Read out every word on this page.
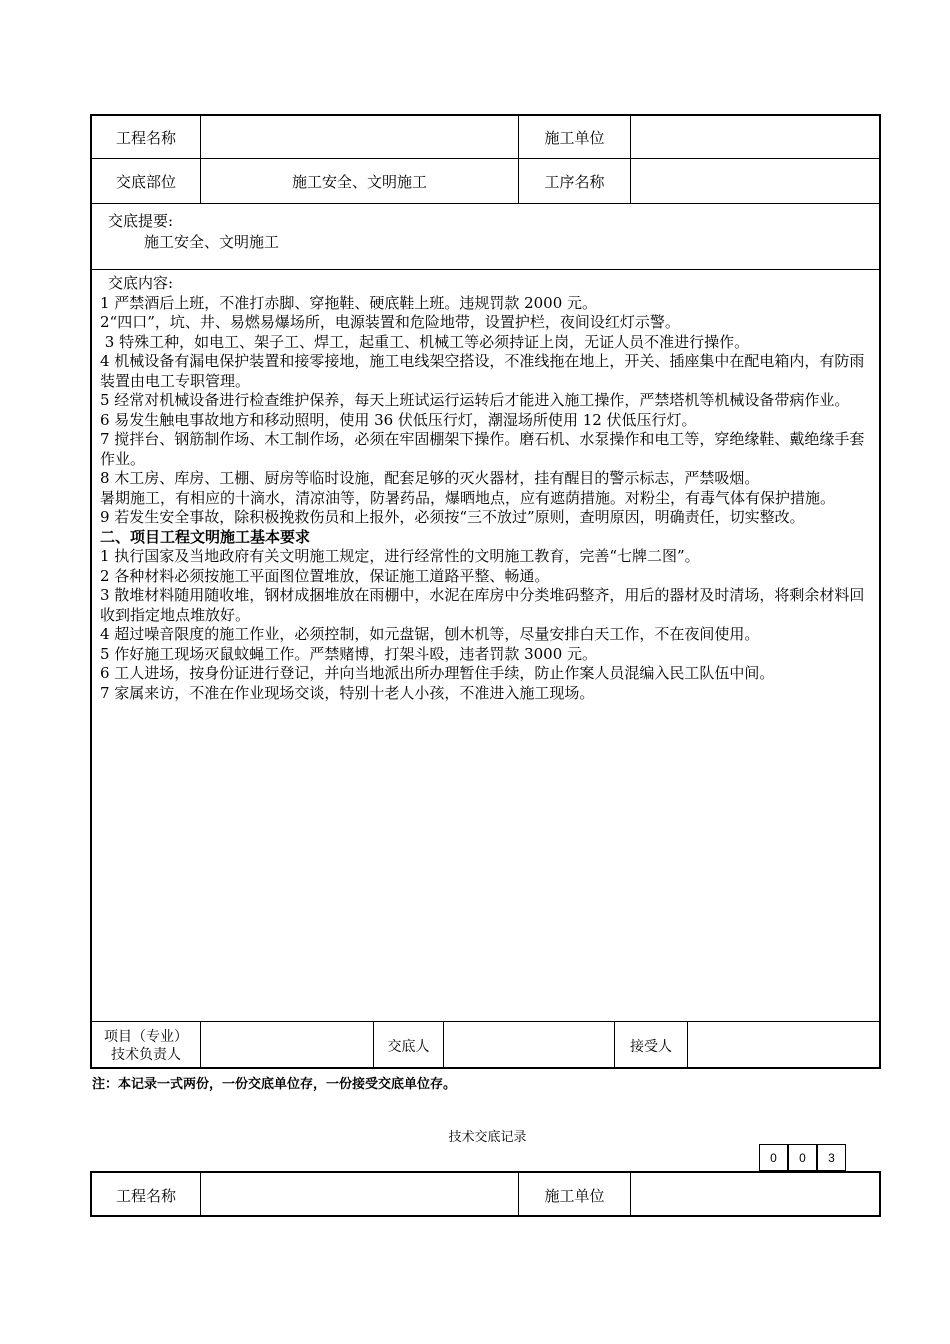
工程名称	施工单位
交底部位	施工安全、文明施工	工序名称
交底提要:
施工安全、文明施工
交底内容:
1 严禁酒后上班，不准打赤脚、穿拖鞋、硬底鞋上班。违规罚款 2000 元。
2“四口”，坑、井、易燃易爆场所，电源装置和危险地带，设置护栏，夜间设红灯示警。
3 特殊工种，如电工、架子工、焊工，起重工、机械工等必须持证上岗，无证人员不准进行操作。
4 机械设备有漏电保护装置和接零接地，施工电线架空搭设，不准线拖在地上，开关、插座集中在配电箱内，有防雨装置由电工专职管理。
5 经常对机械设备进行检查维护保养，每天上班试运行运转后才能进入施工操作，严禁塔机等机械设备带病作业。
6 易发生触电事故地方和移动照明，使用 36 伏低压行灯，潮湿场所使用 12 伏低压行灯。
7 搅拌台、钢筋制作场、木工制作场，必须在牢固棚架下操作。磨石机、水泵操作和电工等，穿绝缘鞋、戴绝缘手套作业。
8 木工房、库房、工棚、厨房等临时设施，配套足够的灭火器材，挂有醒目的警示标志，严禁吸烟。
暑期施工，有相应的十滴水，清凉油等，防暑药品，爆晒地点，应有遮荫措施。对粉尘，有毒气体有保护措施。
9 若发生安全事故，除积极挽救伤员和上报外，必须按“三不放过”原则，查明原因，明确责任，切实整改。
二、项目工程文明施工基本要求
1 执行国家及当地政府有关文明施工规定，进行经常性的文明施工教育，完善“七牌二图”。
2 各种材料必须按施工平面图位置堆放，保证施工道路平整、畅通。
3 散堆材料随用随收堆，钢材成捆堆放在雨棚中，水泥在库房中分类堆码整齐，用后的器材及时清场，将剩余材料回收到指定地点堆放好。
4 超过噪音限度的施工作业，必须控制，如元盘锯，刨木机等，尽量安排白天工作，不在夜间使用。
5 作好施工现场灭鼠蚊蝇工作。严禁赌博，打架斗殴，违者罚款 3000 元。
6 工人进场，按身份证进行登记，并向当地派出所办理暂住手续，防止作案人员混编入民工队伍中间。
7 家属来访，不准在作业现场交谈，特别十老人小孩，不准进入施工现场。
项目（专业）
技术负责人	交底人	接受人
注：本记录一式两份，一份交底单位存，一份接受交底单位存。
技术交底记录
0	0	3
工程名称	施工单位
